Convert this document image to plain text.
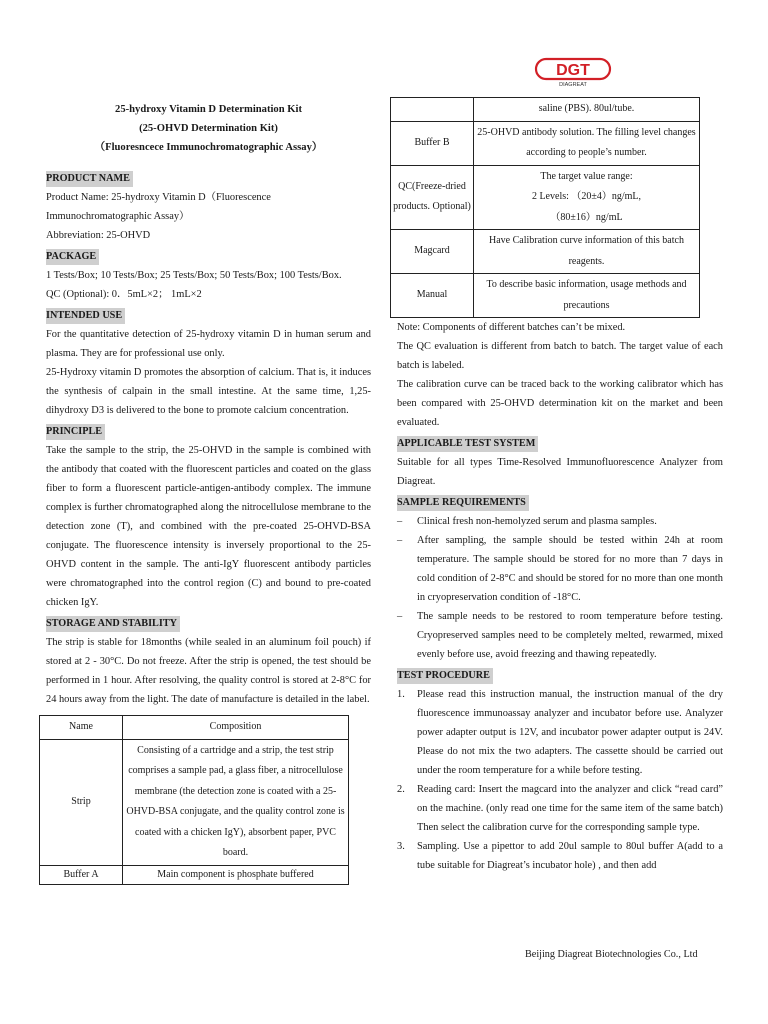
DGT
DIAGREAT

25-hydroxy Vitamin D Determination Kit

(25-OHVD Determination Kit)

（Fluoresncece Immunochromatographic Assay）

PRODUCT NAME

Product Name: 25-hydroxy Vitamin D（Fluorescence Immunochromatographic Assay）

Abbreviation: 25-OHVD

PACKAGE

1 Tests/Box; 10 Tests/Box; 25 Tests/Box; 50 Tests/Box; 100 Tests/Box.

QC (Optional): 0．5mL×2； 1mL×2

INTENDED USE

For the quantitative detection of 25-hydroxy vitamin D in human serum and plasma. They are for professional use only.

25-Hydroxy vitamin D promotes the absorption of calcium. That is, it induces the synthesis of calpain in the small intestine. At the same time, 1,25-dihydroxy D3 is delivered to the bone to promote calcium concentration.

PRINCIPLE

Take the sample to the strip, the 25-OHVD in the sample is combined with the antibody that coated with the fluorescent particles and coated on the glass fiber to form a fluorescent particle-antigen-antibody complex. The immune complex is further chromatographed along the nitrocellulose membrane to the detection zone (T), and combined with the pre-coated 25-OHVD-BSA conjugate. The fluorescence intensity is inversely proportional to the 25-OHVD content in the sample. The anti-IgY fluorescent antibody particles were chromatographed into the control region (C) and bound to pre-coated chicken IgY.

STORAGE AND STABILITY

The strip is stable for 18months (while sealed in an aluminum foil pouch) if stored at 2 - 30°C. Do not freeze. After the strip is opened, the test should be performed in 1 hour. After resolving, the quality control is stored at 2-8°C for 24 hours away from the light. The date of manufacture is detailed in the label.

Name	Composition
Strip	Consisting of a cartridge and a strip, the test strip comprises a sample pad, a glass fiber, a nitrocellulose membrane (the detection zone is coated with a 25-OHVD-BSA conjugate, and the quality control zone is coated with a chicken IgY), absorbent paper, PVC board.
Buffer A	Main component is phosphate buffered
	saline (PBS). 80ul/tube.
Buffer B	25-OHVD antibody solution. The filling level changes according to people’s number.
QC(Freeze-dried products. Optional)	The target value range:
2 Levels: （20±4）ng/mL,
（80±16）ng/mL

Magcard	Have Calibration curve information of this batch reagents.
Manual	To describe basic information, usage methods and precautions

Note: Components of different batches can’t be mixed.

The QC evaluation is different from batch to batch. The target value of each batch is labeled.

The calibration curve can be traced back to the working calibrator which has been compared with 25-OHVD determination kit on the market and been evaluated.

APPLICABLE TEST SYSTEM

Suitable for all types Time-Resolved Immunofluorescence Analyzer from Diagreat.

SAMPLE REQUIREMENTS
– Clinical fresh non-hemolyzed serum and plasma samples.
– After sampling, the sample should be tested within 24h at room temperature. The sample should be stored for no more than 7 days in cold condition of 2-8°C and should be stored for no more than one month in cryopreservation condition of -18°C.
– The sample needs to be restored to room temperature before testing. Cryopreserved samples need to be completely melted, rewarmed, mixed evenly before use, avoid freezing and thawing repeatedly.
TEST PROCEDURE
1. Please read this instruction manual, the instruction manual of the dry fluorescence immunoassay analyzer and incubator before use. Analyzer power adapter output is 12V, and incubator power adapter output is 24V. Please do not mix the two adapters. The cassette should be carried out under the room temperature for a while before testing.
2. Reading card: Insert the magcard into the analyzer and click “read card” on the machine. (only read one time for the same item of the same batch) Then select the calibration curve for the corresponding sample type.
3. Sampling. Use a pipettor to add 20ul sample to 80ul buffer A(add to a tube suitable for Diagreat’s incubator hole) , and then add
Beijing Diagreat Biotechnologies Co., Ltd
